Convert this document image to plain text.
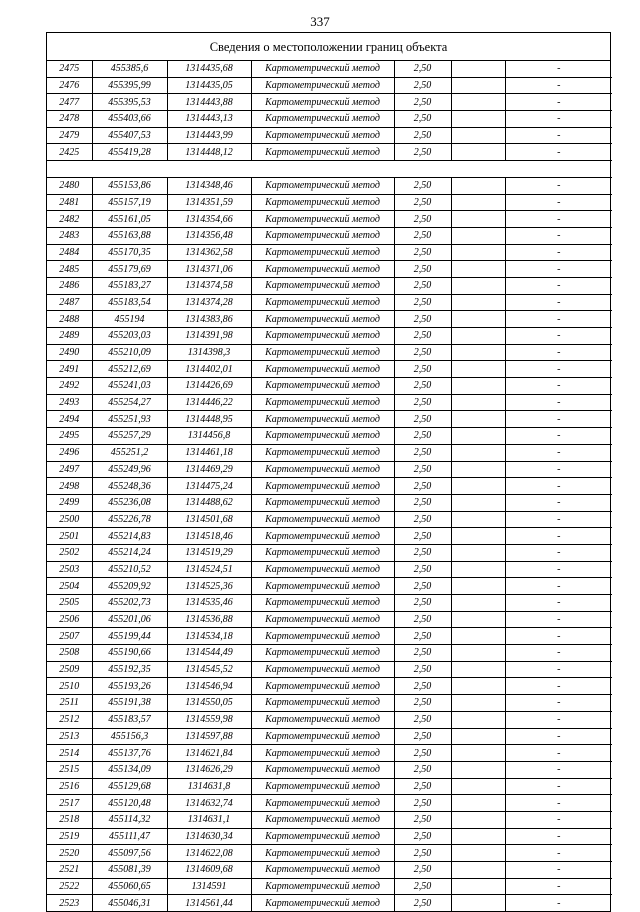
337
Сведения о местоположении границ объекта
2475	455385,6	1314435,68	Картометрический метод	2,50		-
2476	455395,99	1314435,05	Картометрический метод	2,50		-
2477	455395,53	1314443,88	Картометрический метод	2,50		-
2478	455403,66	1314443,13	Картометрический метод	2,50		-
2479	455407,53	1314443,99	Картометрический метод	2,50		-
2425	455419,28	1314448,12	Картометрический метод	2,50		-

2480	455153,86	1314348,46	Картометрический метод	2,50		-
2481	455157,19	1314351,59	Картометрический метод	2,50		-
2482	455161,05	1314354,66	Картометрический метод	2,50		-
2483	455163,88	1314356,48	Картометрический метод	2,50		-
2484	455170,35	1314362,58	Картометрический метод	2,50		-
2485	455179,69	1314371,06	Картометрический метод	2,50		-
2486	455183,27	1314374,58	Картометрический метод	2,50		-
2487	455183,54	1314374,28	Картометрический метод	2,50		-
2488	455194	1314383,86	Картометрический метод	2,50		-
2489	455203,03	1314391,98	Картометрический метод	2,50		-
2490	455210,09	1314398,3	Картометрический метод	2,50		-
2491	455212,69	1314402,01	Картометрический метод	2,50		-
2492	455241,03	1314426,69	Картометрический метод	2,50		-
2493	455254,27	1314446,22	Картометрический метод	2,50		-
2494	455251,93	1314448,95	Картометрический метод	2,50		-
2495	455257,29	1314456,8	Картометрический метод	2,50		-
2496	455251,2	1314461,18	Картометрический метод	2,50		-
2497	455249,96	1314469,29	Картометрический метод	2,50		-
2498	455248,36	1314475,24	Картометрический метод	2,50		-
2499	455236,08	1314488,62	Картометрический метод	2,50		-
2500	455226,78	1314501,68	Картометрический метод	2,50		-
2501	455214,83	1314518,46	Картометрический метод	2,50		-
2502	455214,24	1314519,29	Картометрический метод	2,50		-
2503	455210,52	1314524,51	Картометрический метод	2,50		-
2504	455209,92	1314525,36	Картометрический метод	2,50		-
2505	455202,73	1314535,46	Картометрический метод	2,50		-
2506	455201,06	1314536,88	Картометрический метод	2,50		-
2507	455199,44	1314534,18	Картометрический метод	2,50		-
2508	455190,66	1314544,49	Картометрический метод	2,50		-
2509	455192,35	1314545,52	Картометрический метод	2,50		-
2510	455193,26	1314546,94	Картометрический метод	2,50		-
2511	455191,38	1314550,05	Картометрический метод	2,50		-
2512	455183,57	1314559,98	Картометрический метод	2,50		-
2513	455156,3	1314597,88	Картометрический метод	2,50		-
2514	455137,76	1314621,84	Картометрический метод	2,50		-
2515	455134,09	1314626,29	Картометрический метод	2,50		-
2516	455129,68	1314631,8	Картометрический метод	2,50		-
2517	455120,48	1314632,74	Картометрический метод	2,50		-
2518	455114,32	1314631,1	Картометрический метод	2,50		-
2519	455111,47	1314630,34	Картометрический метод	2,50		-
2520	455097,56	1314622,08	Картометрический метод	2,50		-
2521	455081,39	1314609,68	Картометрический метод	2,50		-
2522	455060,65	1314591	Картометрический метод	2,50		-
2523	455046,31	1314561,44	Картометрический метод	2,50		-
